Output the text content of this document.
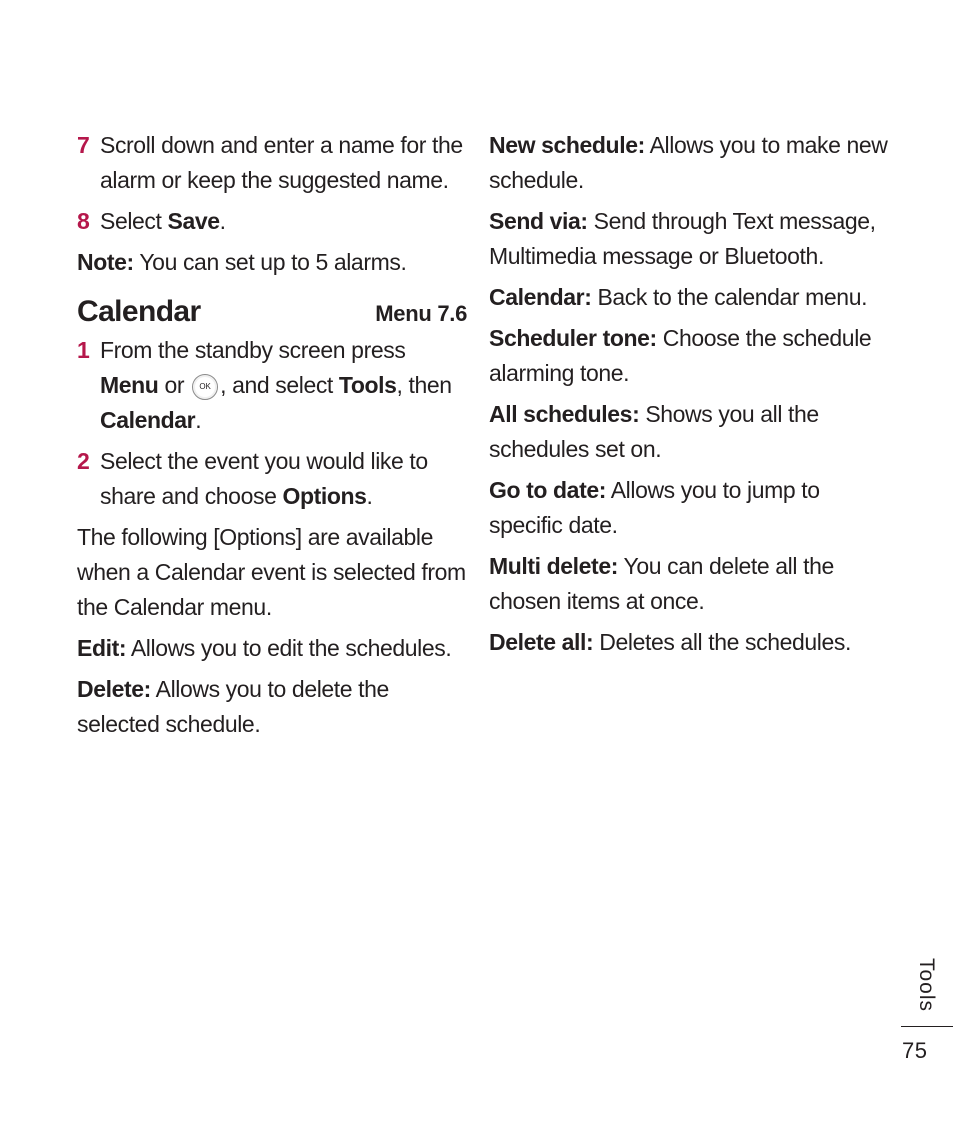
7 Scroll down and enter a name for the alarm or keep the suggested name.
8 Select Save.

Note: You can set up to 5 alarms.

Calendar	Menu 7.6
1 From the standby screen press Menu or OK , and select Tools, then Calendar.
2 Select the event you would like to share and choose Options.

The following [Options] are available when a Calendar event is selected from the Calendar menu.

Edit: Allows you to edit the schedules.

Delete: Allows you to delete the selected schedule.

New schedule: Allows you to make new schedule.

Send via: Send through Text message, Multimedia message or Bluetooth.

Calendar: Back to the calendar menu.

Scheduler tone: Choose the schedule alarming tone.

All schedules: Shows you all the schedules set on.

Go to date: Allows you to jump to specific date.

Multi delete: You can delete all the chosen items at once.

Delete all: Deletes all the schedules.

Tools
75
